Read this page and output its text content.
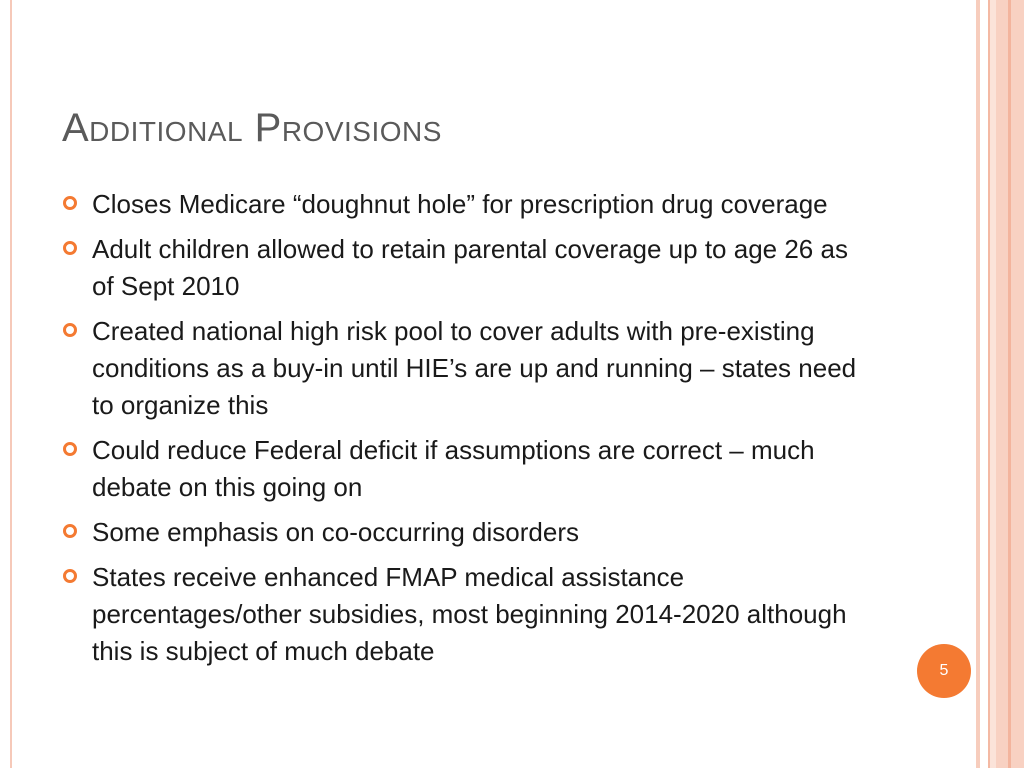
Additional Provisions
Closes Medicare “doughnut hole” for prescription drug coverage
Adult children allowed to retain parental coverage up to age 26 as of Sept 2010
Created national high risk pool to cover adults with pre-existing conditions as a buy-in until HIE’s are up and running – states need to organize this
Could reduce Federal deficit if assumptions are correct – much debate on this going on
Some emphasis on co-occurring disorders
States receive enhanced FMAP medical assistance percentages/other subsidies, most beginning 2014-2020 although this is subject of much debate
5
